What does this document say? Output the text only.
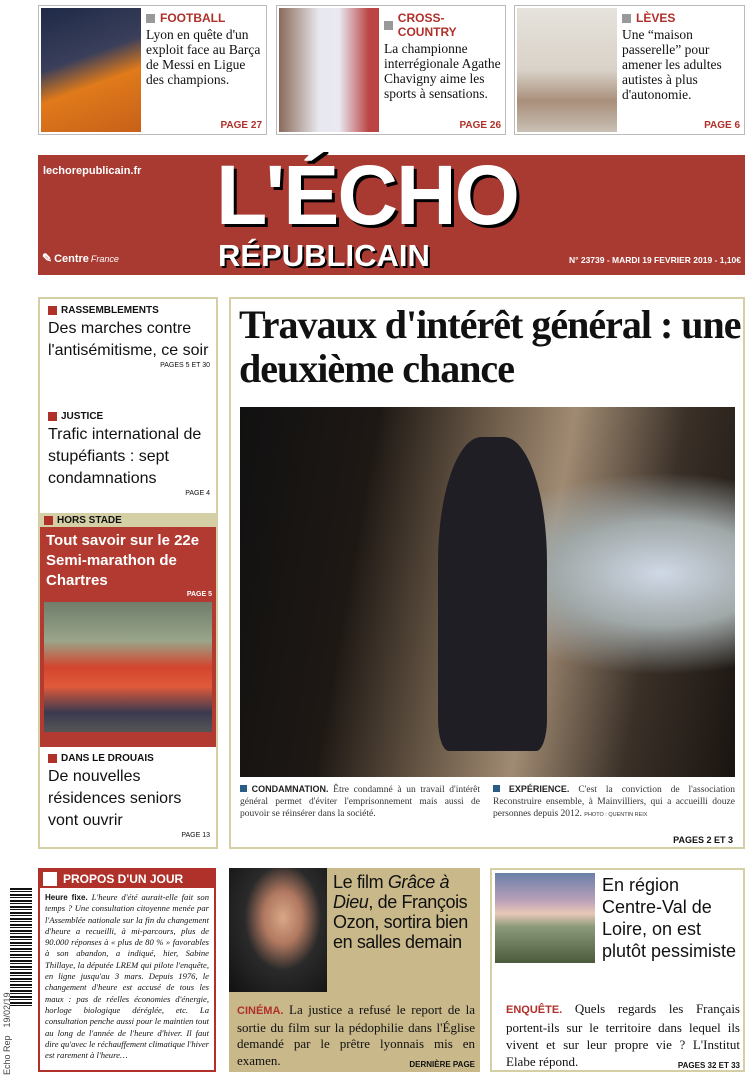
FOOTBALL
Lyon en quête d'un exploit face au Barça de Messi en Ligue des champions.
PAGE 27
CROSS-COUNTRY
La championne interrégionale Agathe Chavigny aime les sports à sensations.
PAGE 26
LÈVES
Une “maison passerelle” pour amener les adultes autistes à plus d'autonomie.
PAGE 6
lechorepublicain.fr L'ÉCHO
RÉPUBLICAIN
✎ Centre France	N° 23739 - MARDI 19 FEVRIER 2019 - 1,10€
RASSEMBLEMENTS
Des marches contre l'antisémitisme, ce soir
PAGES 5 ET 30
JUSTICE
Trafic international de stupéfiants : sept condamnations
PAGE 4
HORS STADE
Tout savoir sur le 22e Semi-marathon de Chartres
PAGE 5
DANS LE DROUAIS
De nouvelles résidences seniors vont ouvrir
PAGE 13
Travaux d'intérêt général : une deuxième chance
CONDAMNATION. Être condamné à un travail d'intérêt général permet d'éviter l'emprisonnement mais aussi de pouvoir se réinsérer dans la société.
EXPÉRIENCE. C'est la conviction de l'association Reconstruire ensemble, à Mainvilliers, qui a accueilli douze personnes depuis 2012. PHOTO : QUENTIN REIX
PAGES 2 ET 3
Echo Rep
19/02/19
PROPOS D'UN JOUR
Heure fixe. L'heure d'été aurait-elle fait son temps ? Une consultation citoyenne menée par l'Assemblée nationale sur la fin du changement d'heure a recueilli, à mi-parcours, plus de 90.000 réponses à « plus de 80 % » favorables à son abandon, a indiqué, hier, Sabine Thillaye, la députée LREM qui pilote l'enquête, en ligne jusqu'au 3 mars. Depuis 1976, le changement d'heure est accusé de tous les maux : pas de réelles économies d'énergie, horloge biologique déréglée, etc. La consultation penche aussi pour le maintien tout au long de l'année de l'heure d'hiver. Il faut dire qu'avec le réchauffement climatique l'hiver est rarement à l'heure…
Le film Grâce à Dieu, de François Ozon, sortira bien en salles demain
CINÉMA. La justice a refusé le report de la sortie du film sur la pédophilie dans l'Église demandé par le prêtre lyonnais mis en examen.	DERNIÈRE PAGE
En région Centre-Val de Loire, on est plutôt pessimiste
ENQUÊTE. Quels regards les Français portent-ils sur le territoire dans lequel ils vivent et sur leur propre vie ? L'Institut Elabe répond.	PAGES 32 ET 33
